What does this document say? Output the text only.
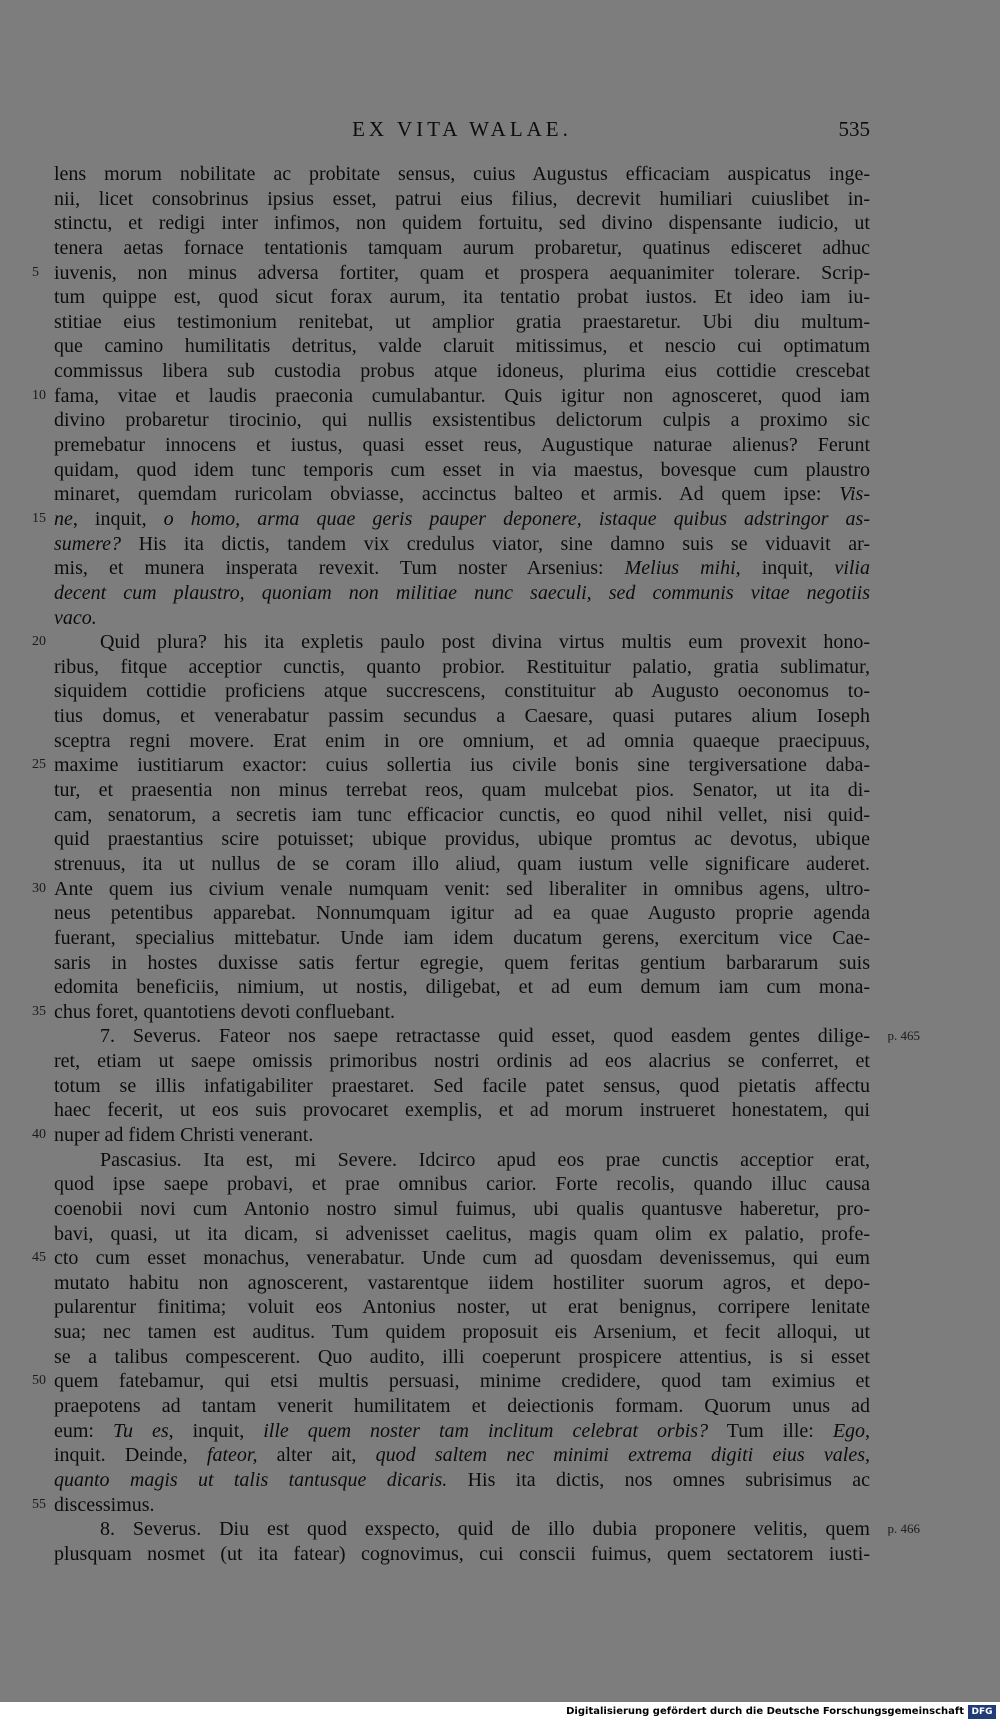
EX VITA WALAE.	535
lens morum nobilitate ac probitate sensus, cuius Augustus efficaciam auspicatus inge-
nii, licet consobrinus ipsius esset, patrui eius filius, decrevit humiliari cuiuslibet in-
stinctu, et redigi inter infimos, non quidem fortuitu, sed divino dispensante iudicio, ut
tenera aetas fornace tentationis tamquam aurum probaretur, quatinus edisceret adhuc
iuvenis, non minus adversa fortiter, quam et prospera aequanimiter tolerare. Scrip-
5
tum quippe est, quod sicut forax aurum, ita tentatio probat iustos. Et ideo iam iu-
stitiae eius testimonium renitebat, ut amplior gratia praestaretur. Ubi diu multum-
que camino humilitatis detritus, valde claruit mitissimus, et nescio cui optimatum
commissus libera sub custodia probus atque idoneus, plurima eius cottidie crescebat
fama, vitae et laudis praeconia cumulabantur. Quis igitur non agnosceret, quod iam
10
divino probaretur tirocinio, qui nullis exsistentibus delictorum culpis a proximo sic
premebatur innocens et iustus, quasi esset reus, Augustique naturae alienus? Ferunt
quidam, quod idem tunc temporis cum esset in via maestus, bovesque cum plaustro
minaret, quemdam ruricolam obviasse, accinctus balteo et armis. Ad quem ipse: Vis-
ne, inquit, o homo, arma quae geris pauper deponere, istaque quibus adstringor as-
15
sumere? His ita dictis, tandem vix credulus viator, sine damno suis se viduavit ar-
mis, et munera insperata revexit. Tum noster Arsenius: Melius mihi, inquit, vilia
decent cum plaustro, quoniam non militiae nunc saeculi, sed communis vitae negotiis
vaco.
Quid plura? his ita expletis paulo post divina virtus multis eum provexit hono-
20
ribus, fitque acceptior cunctis, quanto probior. Restituitur palatio, gratia sublimatur,
siquidem cottidie proficiens atque succrescens, constituitur ab Augusto oeconomus to-
tius domus, et venerabatur passim secundus a Caesare, quasi putares alium Ioseph
sceptra regni movere. Erat enim in ore omnium, et ad omnia quaeque praecipuus,
maxime iustitiarum exactor: cuius sollertia ius civile bonis sine tergiversatione daba-
25
tur, et praesentia non minus terrebat reos, quam mulcebat pios. Senator, ut ita di-
cam, senatorum, a secretis iam tunc efficacior cunctis, eo quod nihil vellet, nisi quid-
quid praestantius scire potuisset; ubique providus, ubique promtus ac devotus, ubique
strenuus, ita ut nullus de se coram illo aliud, quam iustum velle significare auderet.
Ante quem ius civium venale numquam venit: sed liberaliter in omnibus agens, ultro-
30
neus petentibus apparebat. Nonnumquam igitur ad ea quae Augusto proprie agenda
fuerant, specialius mittebatur. Unde iam idem ducatum gerens, exercitum vice Cae-
saris in hostes duxisse satis fertur egregie, quem feritas gentium barbararum suis
edomita beneficiis, nimium, ut nostis, diligebat, et ad eum demum iam cum mona-
chus foret, quantotiens devoti confluebant.
35
7. Severus. Fateor nos saepe retractasse quid esset, quod easdem gentes dilige- p. 465
ret, etiam ut saepe omissis primoribus nostri ordinis ad eos alacrius se conferret, et
totum se illis infatigabiliter praestaret. Sed facile patet sensus, quod pietatis affectu
haec fecerit, ut eos suis provocaret exemplis, et ad morum instrueret honestatem, qui
nuper ad fidem Christi venerant.
40
Pascasius. Ita est, mi Severe. Idcirco apud eos prae cunctis acceptior erat,
quod ipse saepe probavi, et prae omnibus carior. Forte recolis, quando illuc causa
coenobii novi cum Antonio nostro simul fuimus, ubi qualis quantusve haberetur, pro-
bavi, quasi, ut ita dicam, si advenisset caelitus, magis quam olim ex palatio, profe-
cto cum esset monachus, venerabatur. Unde cum ad quosdam devenissemus, qui eum
45
mutato habitu non agnoscerent, vastarentque iidem hostiliter suorum agros, et depo-
pularentur finitima; voluit eos Antonius noster, ut erat benignus, corripere lenitate
sua; nec tamen est auditus. Tum quidem proposuit eis Arsenium, et fecit alloqui, ut
se a talibus compescerent. Quo audito, illi coeperunt prospicere attentius, is si esset
quem fatebamur, qui etsi multis persuasi, minime credidere, quod tam eximius et
50
praepotens ad tantam venerit humilitatem et deiectionis formam. Quorum unus ad
eum: Tu es, inquit, ille quem noster tam inclitum celebrat orbis? Tum ille: Ego,
inquit. Deinde, fateor, alter ait, quod saltem nec minimi extrema digiti eius vales,
quanto magis ut talis tantusque dicaris. His ita dictis, nos omnes subrisimus ac
discessimus.
55
8. Severus. Diu est quod exspecto, quid de illo dubia proponere velitis, quem p. 466
plusquam nosmet (ut ita fatear) cognovimus, cui conscii fuimus, quem sectatorem iusti-
Digitalisierung gefördert durch die Deutsche Forschungsgemeinschaft DFG
